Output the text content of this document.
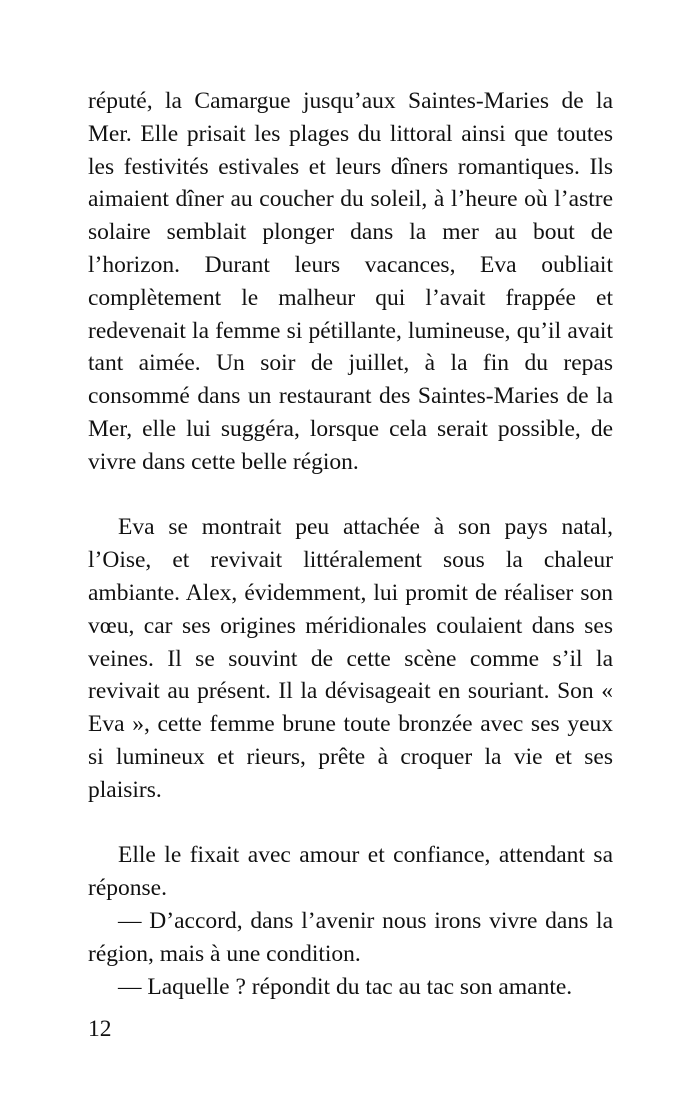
réputé, la Camargue jusqu’aux Saintes-Maries de la Mer. Elle prisait les plages du littoral ainsi que toutes les festivités estivales et leurs dîners romantiques. Ils aimaient dîner au coucher du soleil, à l’heure où l’astre solaire semblait plonger dans la mer au bout de l’horizon. Durant leurs vacances, Eva oubliait complètement le malheur qui l’avait frappée et redevenait la femme si pétillante, lumineuse, qu’il avait tant aimée. Un soir de juillet, à la fin du repas consommé dans un restaurant des Saintes-Maries de la Mer, elle lui suggéra, lorsque cela serait possible, de vivre dans cette belle région.

Eva se montrait peu attachée à son pays natal, l’Oise, et revivait littéralement sous la chaleur ambiante. Alex, évidemment, lui promit de réaliser son vœu, car ses origines méridionales coulaient dans ses veines. Il se souvint de cette scène comme s’il la revivait au présent. Il la dévisageait en souriant. Son « Eva », cette femme brune toute bronzée avec ses yeux si lumineux et rieurs, prête à croquer la vie et ses plaisirs.

Elle le fixait avec amour et confiance, attendant sa réponse.

— D’accord, dans l’avenir nous irons vivre dans la région, mais à une condition.

— Laquelle ? répondit du tac au tac son amante.

12
